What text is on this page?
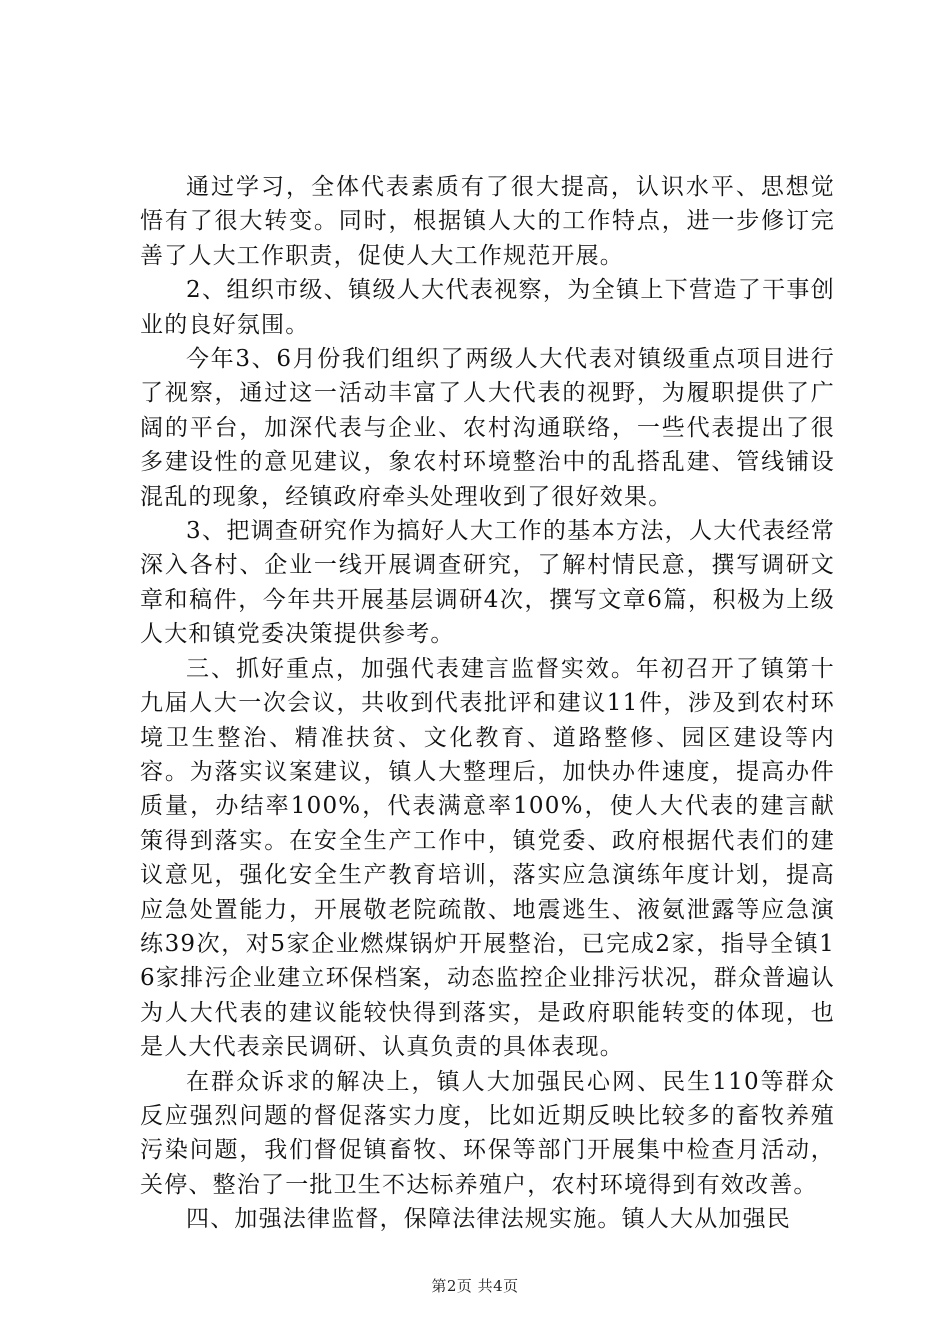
通过学习，全体代表素质有了很大提高，认识水平、思想觉悟有了很大转变。同时，根据镇人大的工作特点，进一步修订完善了人大工作职责，促使人大工作规范开展。

2、组织市级、镇级人大代表视察，为全镇上下营造了干事创业的良好氛围。

今年3、6月份我们组织了两级人大代表对镇级重点项目进行了视察，通过这一活动丰富了人大代表的视野，为履职提供了广阔的平台，加深代表与企业、农村沟通联络，一些代表提出了很多建设性的意见建议，象农村环境整治中的乱搭乱建、管线铺设混乱的现象，经镇政府牵头处理收到了很好效果。

3、把调查研究作为搞好人大工作的基本方法，人大代表经常深入各村、企业一线开展调查研究，了解村情民意，撰写调研文章和稿件，今年共开展基层调研4次，撰写文章6篇，积极为上级人大和镇党委决策提供参考。

三、抓好重点，加强代表建言监督实效。年初召开了镇第十九届人大一次会议，共收到代表批评和建议11件，涉及到农村环境卫生整治、精准扶贫、文化教育、道路整修、园区建设等内容。为落实议案建议，镇人大整理后，加快办件速度，提高办件质量，办结率100%，代表满意率100%，使人大代表的建言献策得到落实。在安全生产工作中，镇党委、政府根据代表们的建议意见，强化安全生产教育培训，落实应急演练年度计划，提高应急处置能力，开展敬老院疏散、地震逃生、液氨泄露等应急演练39次，对5家企业燃煤锅炉开展整治，已完成2家，指导全镇16家排污企业建立环保档案，动态监控企业排污状况，群众普遍认为人大代表的建议能较快得到落实，是政府职能转变的体现，也是人大代表亲民调研、认真负责的具体表现。

在群众诉求的解决上，镇人大加强民心网、民生110等群众反应强烈问题的督促落实力度，比如近期反映比较多的畜牧养殖污染问题，我们督促镇畜牧、环保等部门开展集中检查月活动，关停、整治了一批卫生不达标养殖户，农村环境得到有效改善。

四、加强法律监督，保障法律法规实施。镇人大从加强民

第2页 共4页
